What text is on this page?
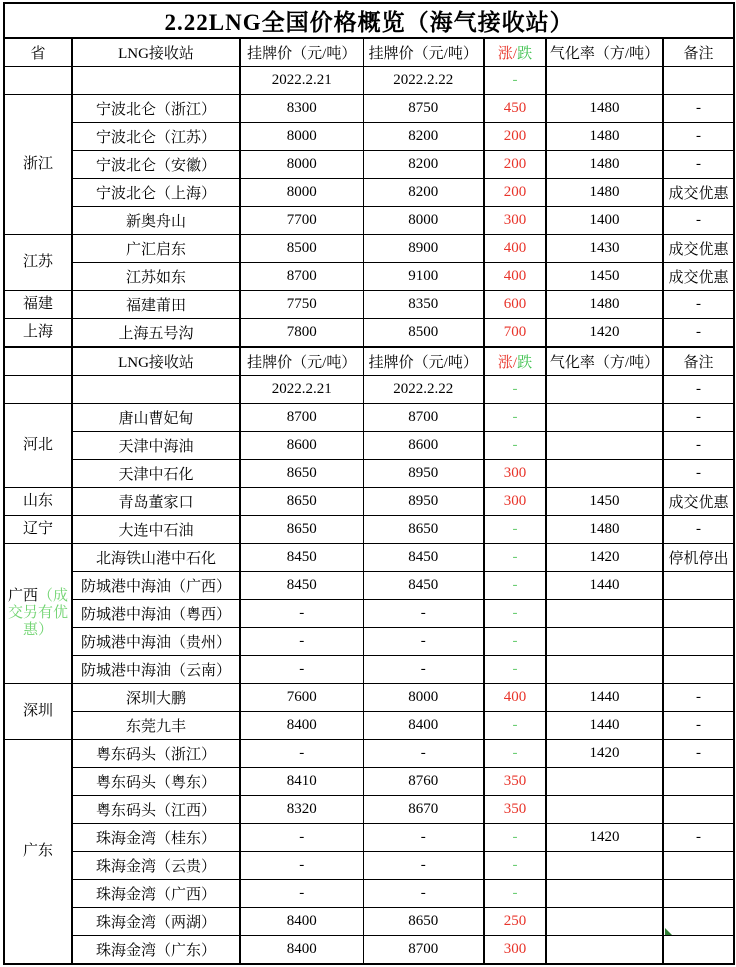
2.22LNG全国价格概览（海气接收站）						
省	LNG接收站	挂牌价（元/吨）	挂牌价（元/吨）	涨/跌	气化率（方/吨）	备注
		2022.2.21	2022.2.22	-		
浙江	宁波北仑（浙江）	8300	8750	450	1480	-
	宁波北仑（江苏）	8000	8200	200	1480	-
	宁波北仑（安徽）	8000	8200	200	1480	-
	宁波北仑（上海）	8000	8200	200	1480	成交优惠
	新奥舟山	7700	8000	300	1400	-
江苏	广汇启东	8500	8900	400	1430	成交优惠
	江苏如东	8700	9100	400	1450	成交优惠
福建	福建莆田	7750	8350	600	1480	-
上海	上海五号沟	7800	8500	700	1420	-
	LNG接收站	挂牌价（元/吨）	挂牌价（元/吨）	涨/跌	气化率（方/吨）	备注
		2022.2.21	2022.2.22	-		-
河北	唐山曹妃甸	8700	8700	-		-
	天津中海油	8600	8600	-		-
	天津中石化	8650	8950	300		-
山东	青岛董家口	8650	8950	300	1450	成交优惠
辽宁	大连中石油	8650	8650	-	1480	-
广西（成交另有优惠）	北海铁山港中石化	8450	8450	-	1420	停机停出
	防城港中海油（广西）	8450	8450	-	1440	
	防城港中海油（粤西）	-	-	-		
	防城港中海油（贵州）	-	-	-		
	防城港中海油（云南）	-	-	-		
深圳	深圳大鹏	7600	8000	400	1440	-
	东莞九丰	8400	8400	-	1440	-
广东	粤东码头（浙江）	-	-	-	1420	-
	粤东码头（粤东）	8410	8760	350		
	粤东码头（江西）	8320	8670	350		
	珠海金湾（桂东）	-	-	-	1420	-
	珠海金湾（云贵）	-	-	-		
	珠海金湾（广西）	-	-	-		
	珠海金湾（两湖）	8400	8650	250		

	珠海金湾（广东）	8400	8700	300		
